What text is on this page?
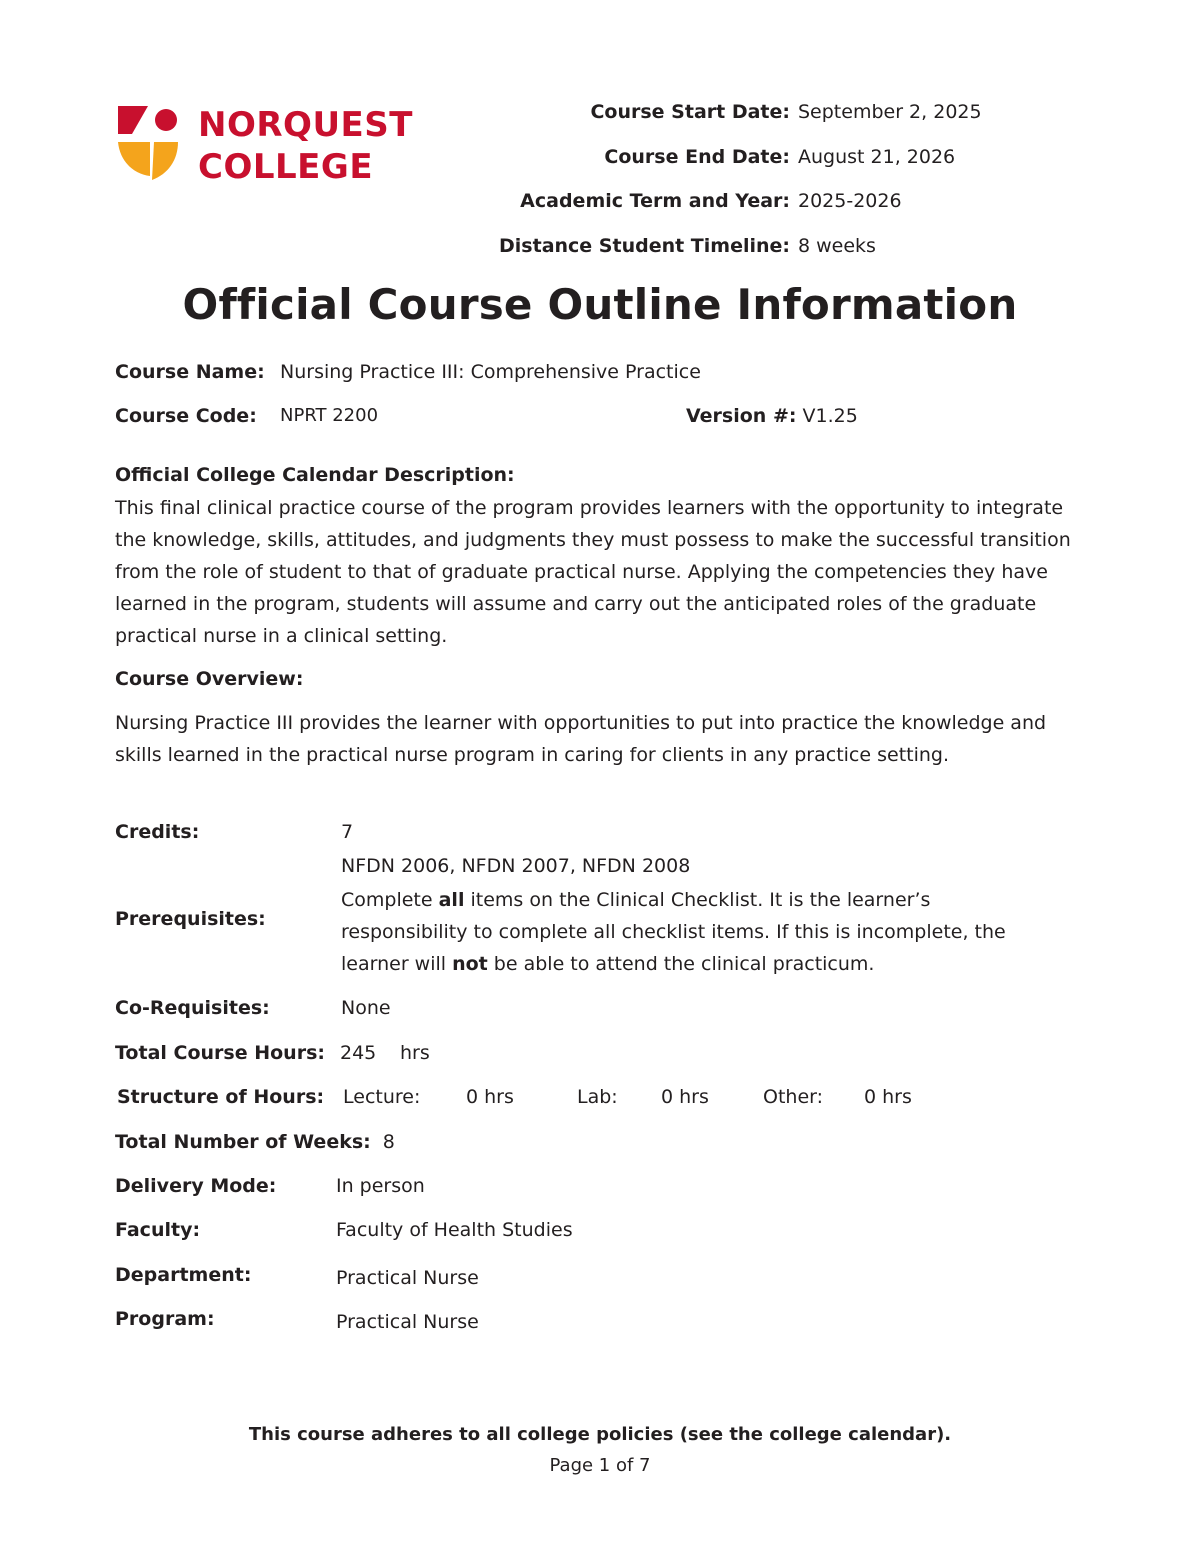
NORQUEST
COLLEGE
Course Start Date: September 2, 2025
Course End Date: August 21, 2026
Academic Term and Year: 2025-2026
Distance Student Timeline: 8 weeks
Official Course Outline Information
Course Name: Nursing Practice III: Comprehensive Practice
Course Code: NPRT 2200	Version #: V1.25
Official College Calendar Description:
This final clinical practice course of the program provides learners with the opportunity to integrate the knowledge, skills, attitudes, and judgments they must possess to make the successful transition from the role of student to that of graduate practical nurse. Applying the competencies they have learned in the program, students will assume and carry out the anticipated roles of the graduate practical nurse in a clinical setting.
Course Overview:
Nursing Practice III provides the learner with opportunities to put into practice the knowledge and skills learned in the practical nurse program in caring for clients in any practice setting.
Credits:	7
Prerequisites:
NFDN 2006, NFDN 2007, NFDN 2008
Complete all items on the Clinical Checklist. It is the learner’s responsibility to complete all checklist items. If this is incomplete, the learner will not be able to attend the clinical practicum.
Co-Requisites:	None
Total Course Hours: 245 hrs
Structure of Hours: Lecture: 0 hrs	Lab: 0 hrs	Other: 0 hrs
Total Number of Weeks: 8
Delivery Mode:	In person
Faculty:	Faculty of Health Studies
Department:	Practical Nurse
Program:	Practical Nurse
This course adheres to all college policies (see the college calendar).
Page 1 of 7
